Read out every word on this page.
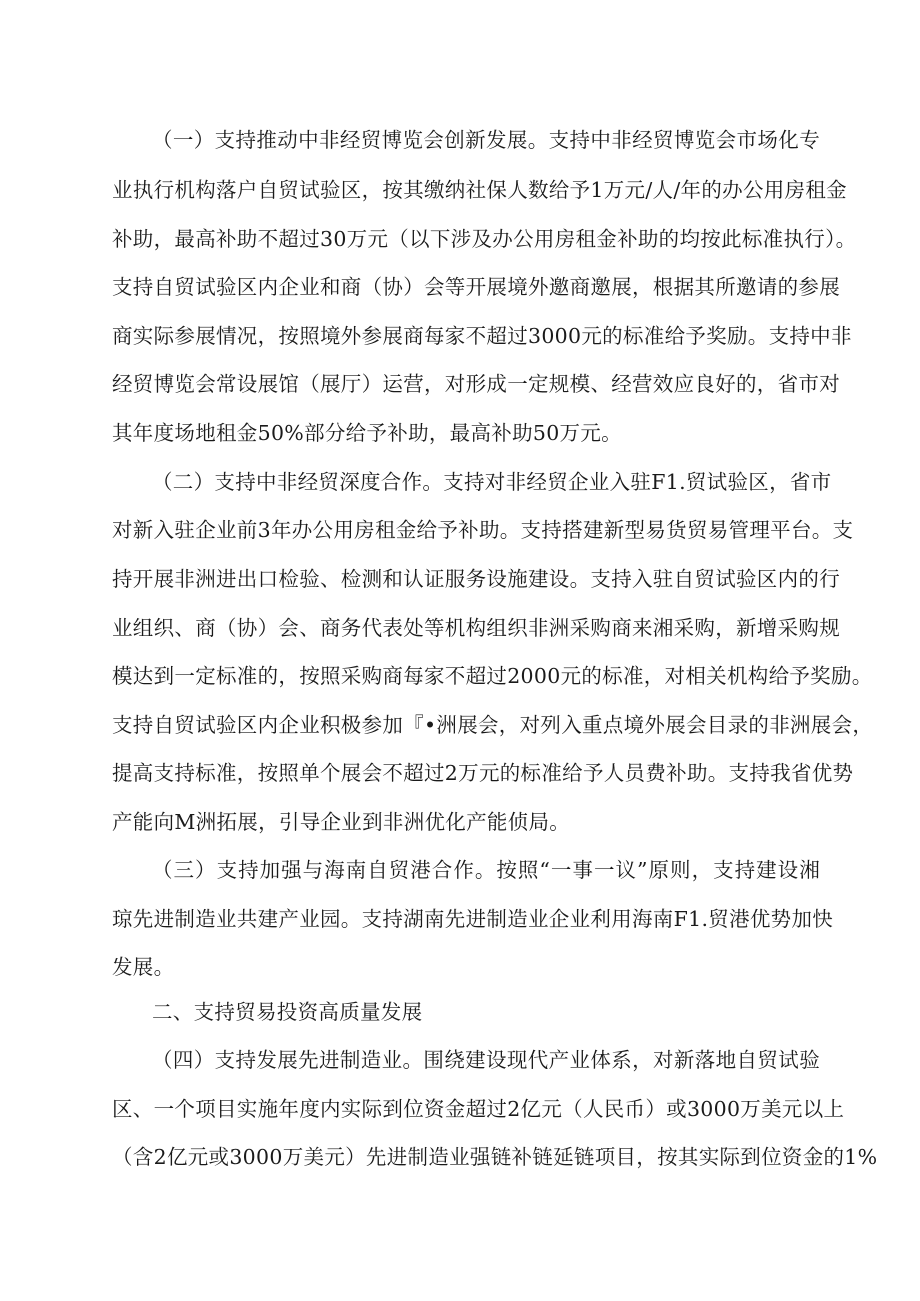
（一）支持推动中非经贸博览会创新发展。支持中非经贸博览会市场化专
业执行机构落户自贸试验区，按其缴纳社保人数给予1万元/人/年的办公用房租金
补助，最高补助不超过30万元（以下涉及办公用房租金补助的均按此标准执行）。
支持自贸试验区内企业和商（协）会等开展境外邀商邀展，根据其所邀请的参展
商实际参展情况，按照境外参展商每家不超过3000元的标准给予奖励。支持中非
经贸博览会常设展馆（展厅）运营，对形成一定规模、经营效应良好的，省市对
其年度场地租金50%部分给予补助，最高补助50万元。
（二）支持中非经贸深度合作。支持对非经贸企业入驻F1.贸试验区，省市
对新入驻企业前3年办公用房租金给予补助。支持搭建新型易货贸易管理平台。支
持开展非洲进出口检验、检测和认证服务设施建设。支持入驻自贸试验区内的行
业组织、商（协）会、商务代表处等机构组织非洲采购商来湘采购，新增采购规
模达到一定标准的，按照采购商每家不超过2000元的标准，对相关机构给予奖励。
支持自贸试验区内企业积极参加『•洲展会，对列入重点境外展会目录的非洲展会，
提高支持标准，按照单个展会不超过2万元的标准给予人员费补助。支持我省优势
产能向M洲拓展，引导企业到非洲优化产能侦局。
（三）支持加强与海南自贸港合作。按照“一事一议”原则，支持建设湘
琼先进制造业共建产业园。支持湖南先进制造业企业利用海南F1.贸港优势加快
发展。
二、支持贸易投资高质量发展
（四）支持发展先进制造业。围绕建设现代产业体系，对新落地自贸试验
区、一个项目实施年度内实际到位资金超过2亿元（人民币）或3000万美元以上
（含2亿元或3000万美元）先进制造业强链补链延链项目，按其实际到位资金的1%
